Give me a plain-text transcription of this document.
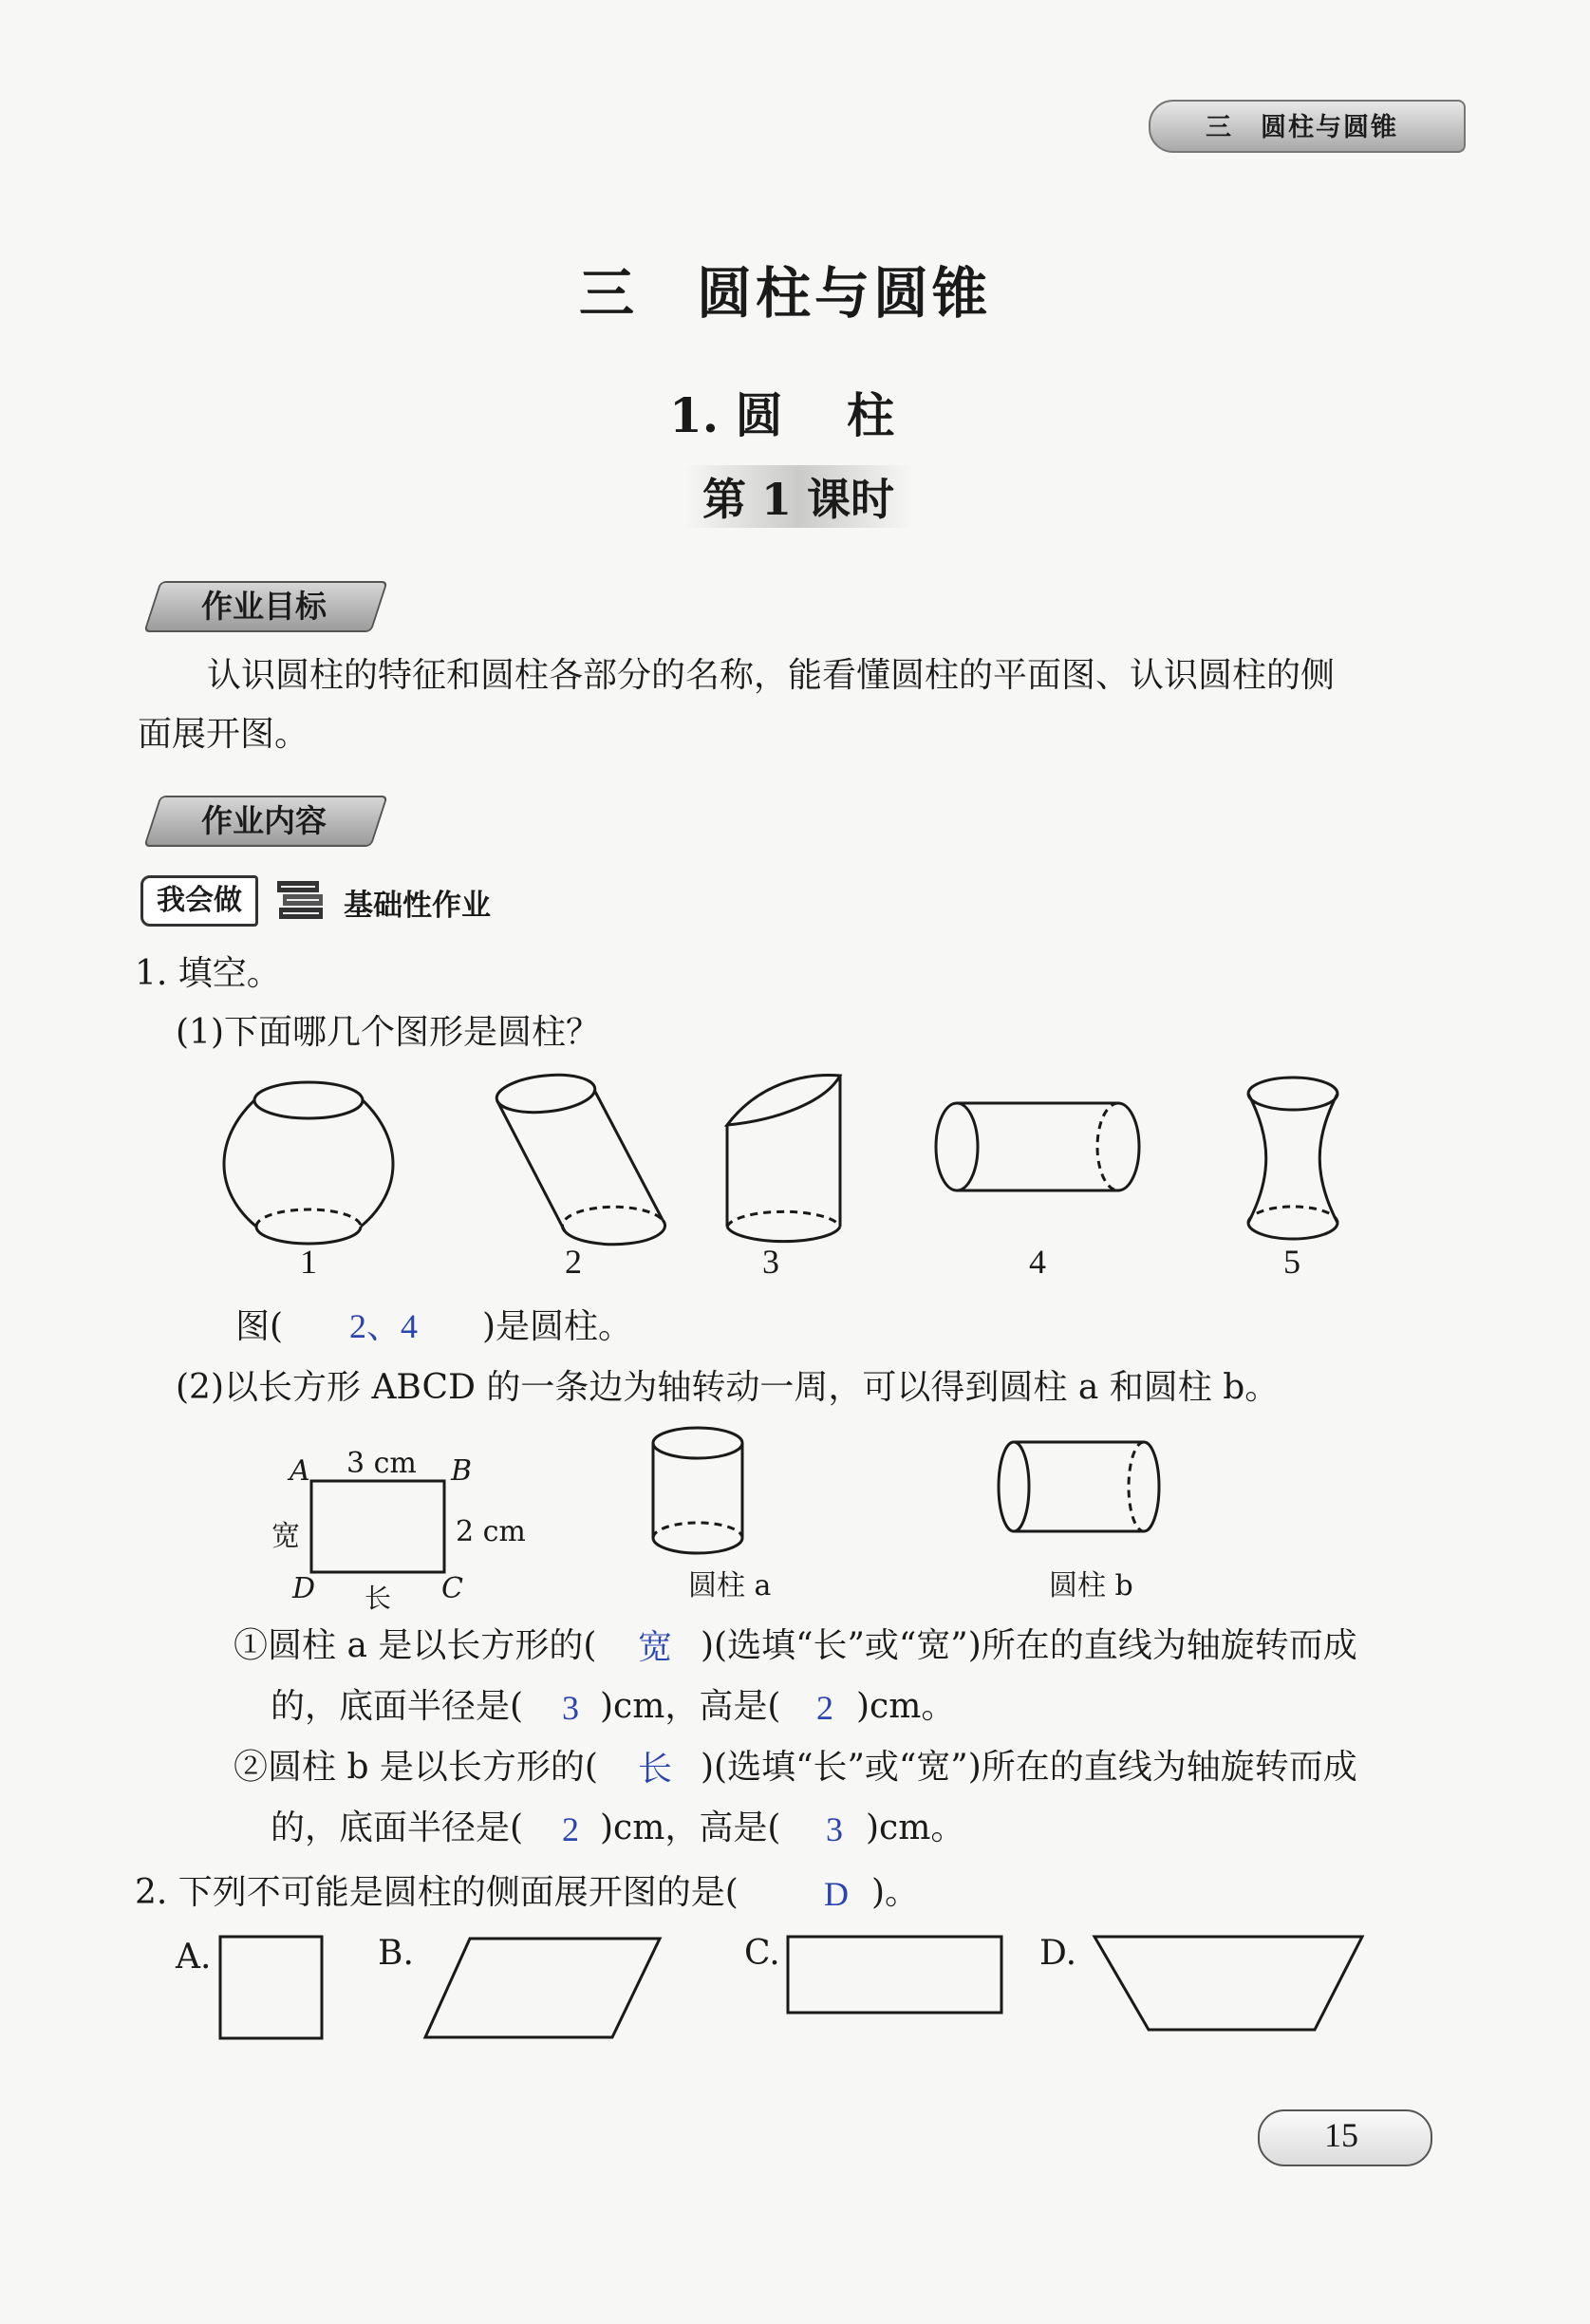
三　圆柱与圆锥
三　圆柱与圆锥
1. 圆　 柱
第 1 课时
作业目标
认识圆柱的特征和圆柱各部分的名称，能看懂圆柱的平面图、认识圆柱的侧
面展开图。
作业内容
我会做	基础性作业
1. 填空。
(1)下面哪几个图形是圆柱？
1	2	3	4	5
图( 2、4 )是圆柱。
(2)以长方形 ABCD 的一条边为轴转动一周，可以得到圆柱 a 和圆柱 b。
A	B
C
D
3 cm
2 cm
宽
长	圆柱 a	圆柱 b
①圆柱 a 是以长方形的( 宽 )(选填“长”或“宽”)所在的直线为轴旋转而成
的，底面半径是( 3 )cm，高是( 2 )cm。
②圆柱 b 是以长方形的( 长 )(选填“长”或“宽”)所在的直线为轴旋转而成
的，底面半径是( 2 )cm，高是( 3 )cm。
2. 下列不可能是圆柱的侧面展开图的是(	D )。
A.	B.	C.	D.
15
